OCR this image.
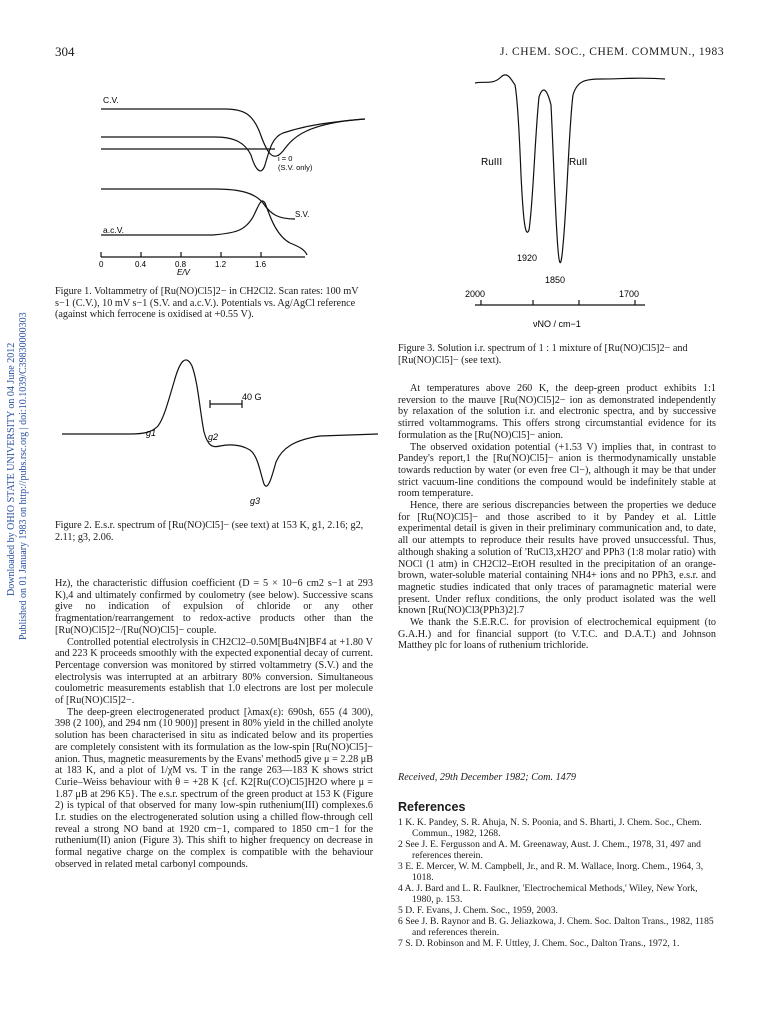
304	J. CHEM. SOC., CHEM. COMMUN., 1983
Downloaded by OHIO STATE UNIVERSITY on 04 June 2012 Published on 01 January 1983 on http://pubs.rsc.org | doi:10.1039/C39830000303
C.V.
a.c.V.
S.V.
i = 0
(S.V. only)
0	0.4	0.8	1.2	1.6
E/V
Figure 1. Voltammetry of [Ru(NO)Cl5]2− in CH2Cl2. Scan rates: 100 mV s−1 (C.V.), 10 mV s−1 (S.V. and a.c.V.). Potentials vs. Ag/AgCl reference (against which ferrocene is oxidised at +0.55 V).
40 G
g1	g2
g3
Figure 2. E.s.r. spectrum of [Ru(NO)Cl5]− (see text) at 153 K, g1, 2.16; g2, 2.11; g3, 2.06.
RuIII	RuII
1920
1850
2000	1700
νNO / cm−1
Figure 3. Solution i.r. spectrum of 1 : 1 mixture of [Ru(NO)Cl5]2− and [Ru(NO)Cl5]− (see text).

Hz), the characteristic diffusion coefficient (D = 5 × 10−6 cm2 s−1 at 293 K),4 and ultimately confirmed by coulometry (see below). Successive scans give no indication of expulsion of chloride or any other fragmentation/rearrangement to redox-active products other than the [Ru(NO)Cl5]2−/[Ru(NO)Cl5]− couple.

Controlled potential electrolysis in CH2Cl2–0.50M[Bu4N]BF4 at +1.80 V and 223 K proceeds smoothly with the expected exponential decay of current. Percentage conversion was monitored by stirred voltammetry (S.V.) and the electrolysis was interrupted at an arbitrary 80% conversion. Simultaneous coulometric measurements establish that 1.0 electrons are lost per molecule of [Ru(NO)Cl5]2−.

The deep-green electrogenerated product [λmax(ε): 690sh, 655 (4 300), 398 (2 100), and 294 nm (10 900)] present in 80% yield in the chilled anolyte solution has been characterised in situ as indicated below and its properties are completely consistent with its formulation as the low-spin [Ru(NO)Cl5]− anion. Thus, magnetic measurements by the Evans' method5 give μ = 2.28 μB at 183 K, and a plot of 1/χM vs. T in the range 263—183 K shows strict Curie–Weiss behaviour with θ = +28 K {cf. K2[Ru(CO)Cl5]H2O where μ = 1.87 μB at 296 K5}. The e.s.r. spectrum of the green product at 153 K (Figure 2) is typical of that observed for many low-spin ruthenium(III) complexes.6 I.r. studies on the electrogenerated solution using a chilled flow-through cell reveal a strong NO band at 1920 cm−1, compared to 1850 cm−1 for the ruthenium(II) anion (Figure 3). This shift to higher frequency on decrease in formal negative charge on the complex is compatible with the behaviour observed in related metal carbonyl compounds.

At temperatures above 260 K, the deep-green product exhibits 1:1 reversion to the mauve [Ru(NO)Cl5]2− ion as demonstrated independently by relaxation of the solution i.r. and electronic spectra, and by successive stirred voltammograms. This offers strong circumstantial evidence for its formulation as the [Ru(NO)Cl5]− anion.

The observed oxidation potential (+1.53 V) implies that, in contrast to Pandey's report,1 the [Ru(NO)Cl5]− anion is thermodynamically unstable towards reduction by water (or even free Cl−), although it may be that under strict vacuum-line conditions the compound would be indefinitely stable at room temperature.

Hence, there are serious discrepancies between the properties we deduce for [Ru(NO)Cl5]− and those ascribed to it by Pandey et al. Little experimental detail is given in their preliminary communication and, to date, all our attempts to reproduce their results have proved unsuccessful. Thus, although shaking a solution of 'RuCl3,xH2O' and PPh3 (1:8 molar ratio) with NOCl (1 atm) in CH2Cl2–EtOH resulted in the precipitation of an orange-brown, water-soluble material containing NH4+ ions and no PPh3, e.s.r. and magnetic studies indicated that only traces of paramagnetic material were present. Under reflux conditions, the only product isolated was the well known [Ru(NO)Cl3(PPh3)2].7

We thank the S.E.R.C. for provision of electrochemical equipment (to G.A.H.) and for financial support (to V.T.C. and D.A.T.) and Johnson Matthey plc for loans of ruthenium trichloride.

Received, 29th December 1982; Com. 1479
References

1 K. K. Pandey, S. R. Ahuja, N. S. Poonia, and S. Bharti, J. Chem. Soc., Chem. Commun., 1982, 1268.

2 See J. E. Fergusson and A. M. Greenaway, Aust. J. Chem., 1978, 31, 497 and references therein.

3 E. E. Mercer, W. M. Campbell, Jr., and R. M. Wallace, Inorg. Chem., 1964, 3, 1018.

4 A. J. Bard and L. R. Faulkner, 'Electrochemical Methods,' Wiley, New York, 1980, p. 153.

5 D. F. Evans, J. Chem. Soc., 1959, 2003.

6 See J. B. Raynor and B. G. Jeliazkowa, J. Chem. Soc. Dalton Trans., 1982, 1185 and references therein.

7 S. D. Robinson and M. F. Uttley, J. Chem. Soc., Dalton Trans., 1972, 1.
